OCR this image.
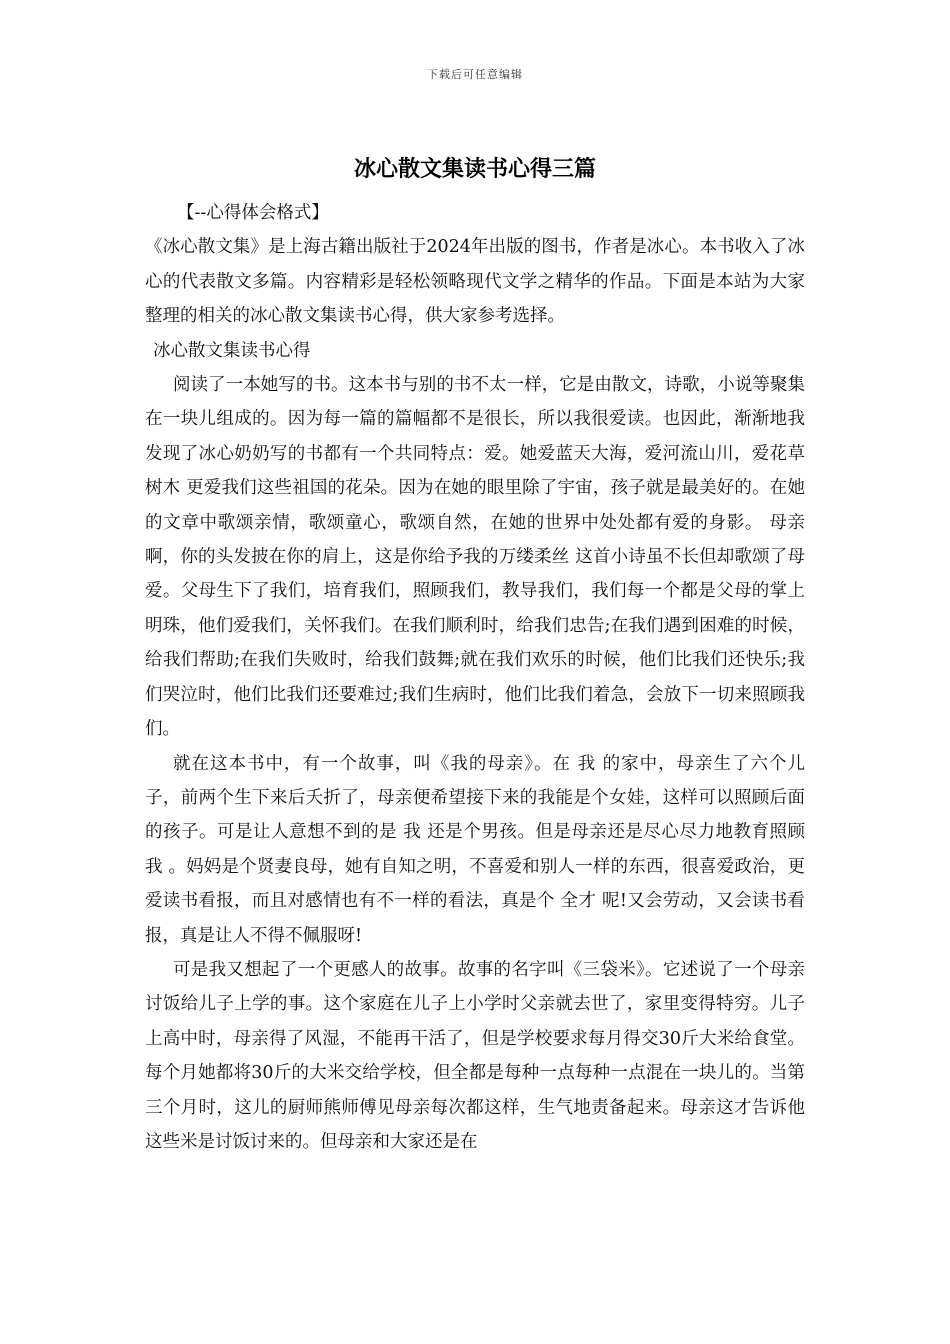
下载后可任意编辑
冰心散文集读书心得三篇

【--心得体会格式】

《冰心散文集》是上海古籍出版社于2024年出版的图书，作者是冰心。本书收入了冰心的代表散文多篇。内容精彩是轻松领略现代文学之精华的作品。下面是本站为大家整理的相关的冰心散文集读书心得，供大家参考选择。

冰心散文集读书心得

阅读了一本她写的书。这本书与别的书不太一样，它是由散文，诗歌，小说等聚集在一块儿组成的。因为每一篇的篇幅都不是很长，所以我很爱读。也因此，渐渐地我发现了冰心奶奶写的书都有一个共同特点：爱。她爱蓝天大海，爱河流山川，爱花草树木 更爱我们这些祖国的花朵。因为在她的眼里除了宇宙，孩子就是最美好的。在她的文章中歌颂亲情，歌颂童心，歌颂自然，在她的世界中处处都有爱的身影。 母亲啊，你的头发披在你的肩上，这是你给予我的万缕柔丝 这首小诗虽不长但却歌颂了母爱。父母生下了我们，培育我们，照顾我们，教导我们，我们每一个都是父母的掌上明珠，他们爱我们，关怀我们。在我们顺利时，给我们忠告;在我们遇到困难的时候，给我们帮助;在我们失败时，给我们鼓舞;就在我们欢乐的时候，他们比我们还快乐;我们哭泣时，他们比我们还要难过;我们生病时，他们比我们着急，会放下一切来照顾我们。

就在这本书中，有一个故事，叫《我的母亲》。在 我 的家中，母亲生了六个儿子，前两个生下来后夭折了，母亲便希望接下来的我能是个女娃，这样可以照顾后面的孩子。可是让人意想不到的是 我 还是个男孩。但是母亲还是尽心尽力地教育照顾 我 。妈妈是个贤妻良母，她有自知之明，不喜爱和别人一样的东西，很喜爱政治，更爱读书看报，而且对感情也有不一样的看法，真是个 全才 呢!又会劳动，又会读书看报，真是让人不得不佩服呀!

可是我又想起了一个更感人的故事。故事的名字叫《三袋米》。它述说了一个母亲讨饭给儿子上学的事。这个家庭在儿子上小学时父亲就去世了，家里变得特穷。儿子上高中时，母亲得了风湿，不能再干活了，但是学校要求每月得交30斤大米给食堂。每个月她都将30斤的大米交给学校，但全都是每种一点每种一点混在一块儿的。当第三个月时，这儿的厨师熊师傅见母亲每次都这样，生气地责备起来。母亲这才告诉他这些米是讨饭讨来的。但母亲和大家还是在
